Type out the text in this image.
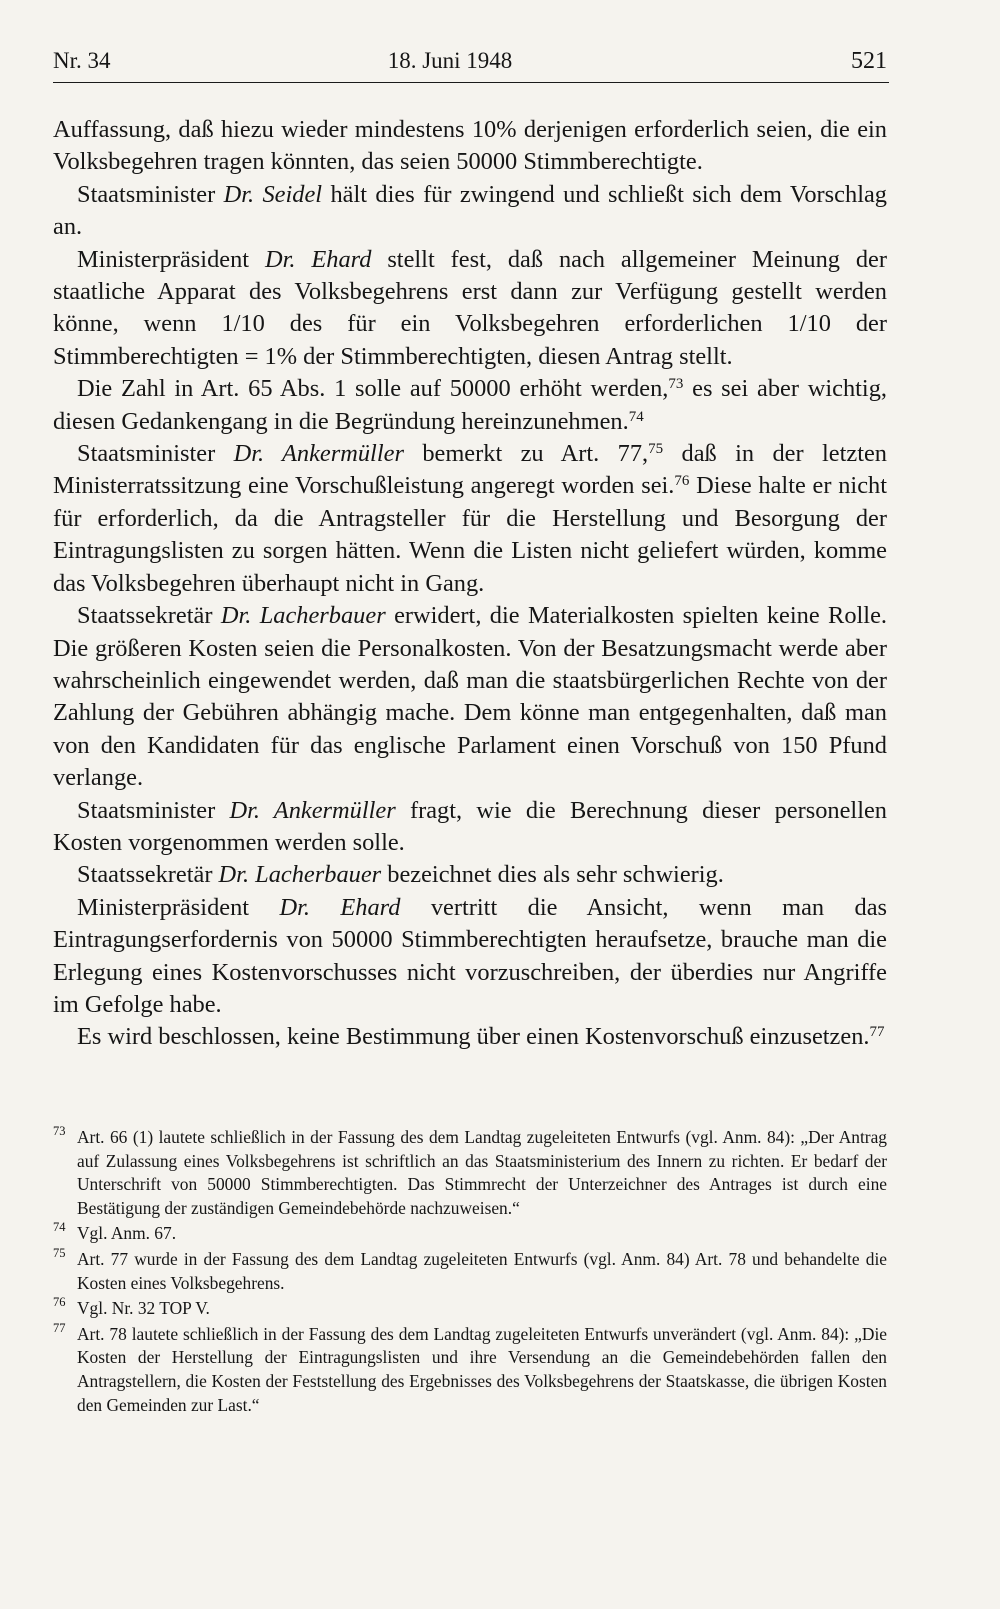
Nr. 34	18. Juni 1948	521

Auffassung, daß hiezu wieder mindestens 10% derjenigen erforderlich seien, die ein Volksbegehren tragen könnten, das seien 50000 Stimmberechtigte.

Staatsminister Dr. Seidel hält dies für zwingend und schließt sich dem Vorschlag an.

Ministerpräsident Dr. Ehard stellt fest, daß nach allgemeiner Meinung der staatliche Apparat des Volksbegehrens erst dann zur Verfügung gestellt werden könne, wenn 1/10 des für ein Volksbegehren erforderlichen 1/10 der Stimmberechtigten = 1% der Stimmberechtigten, diesen Antrag stellt.

Die Zahl in Art. 65 Abs. 1 solle auf 50000 erhöht werden,$^{73}$ es sei aber wichtig, diesen Gedankengang in die Begründung hereinzunehmen.$^{74}$

Staatsminister Dr. Ankermüller bemerkt zu Art. 77,75 daß in der letzten Ministerratssitzung eine Vorschußleistung angeregt worden sei.$^{76}$ Diese halte er nicht für erforderlich, da die Antragsteller für die Herstellung und Besorgung der Eintragungslisten zu sorgen hätten. Wenn die Listen nicht geliefert würden, komme das Volksbegehren überhaupt nicht in Gang.

Staatssekretär Dr. Lacherbauer erwidert, die Materialkosten spielten keine Rolle. Die größeren Kosten seien die Personalkosten. Von der Besatzungsmacht werde aber wahrscheinlich eingewendet werden, daß man die staatsbürgerlichen Rechte von der Zahlung der Gebühren abhängig mache. Dem könne man entgegenhalten, daß man von den Kandidaten für das englische Parlament einen Vorschuß von 150 Pfund verlange.

Staatsminister Dr. Ankermüller fragt, wie die Berechnung dieser personellen Kosten vorgenommen werden solle.

Staatssekretär Dr. Lacherbauer bezeichnet dies als sehr schwierig.

Ministerpräsident Dr. Ehard vertritt die Ansicht, wenn man das Eintragungserfordernis von 50000 Stimmberechtigten heraufsetze, brauche man die Erlegung eines Kostenvorschusses nicht vorzuschreiben, der überdies nur Angriffe im Gefolge habe.

Es wird beschlossen, keine Bestimmung über einen Kostenvorschuß einzusetzen.$^{77}$

73 Art. 66 (1) lautete schließlich in der Fassung des dem Landtag zugeleiteten Entwurfs (vgl. Anm. 84): „Der Antrag auf Zulassung eines Volksbegehrens ist schriftlich an das Staatsministerium des Innern zu richten. Er bedarf der Unterschrift von 50000 Stimmberechtigten. Das Stimmrecht der Unterzeichner des Antrages ist durch eine Bestätigung der zuständigen Gemeindebehörde nachzuweisen.“
74 Vgl. Anm. 67.
75 Art. 77 wurde in der Fassung des dem Landtag zugeleiteten Entwurfs (vgl. Anm. 84) Art. 78 und behandelte die Kosten eines Volksbegehrens.
76 Vgl. Nr. 32 TOP V.
77 Art. 78 lautete schließlich in der Fassung des dem Landtag zugeleiteten Entwurfs unverändert (vgl. Anm. 84): „Die Kosten der Herstellung der Eintragungslisten und ihre Versendung an die Gemeindebehörden fallen den Antragstellern, die Kosten der Feststellung des Ergebnisses des Volksbegehrens der Staatskasse, die übrigen Kosten den Gemeinden zur Last.“
